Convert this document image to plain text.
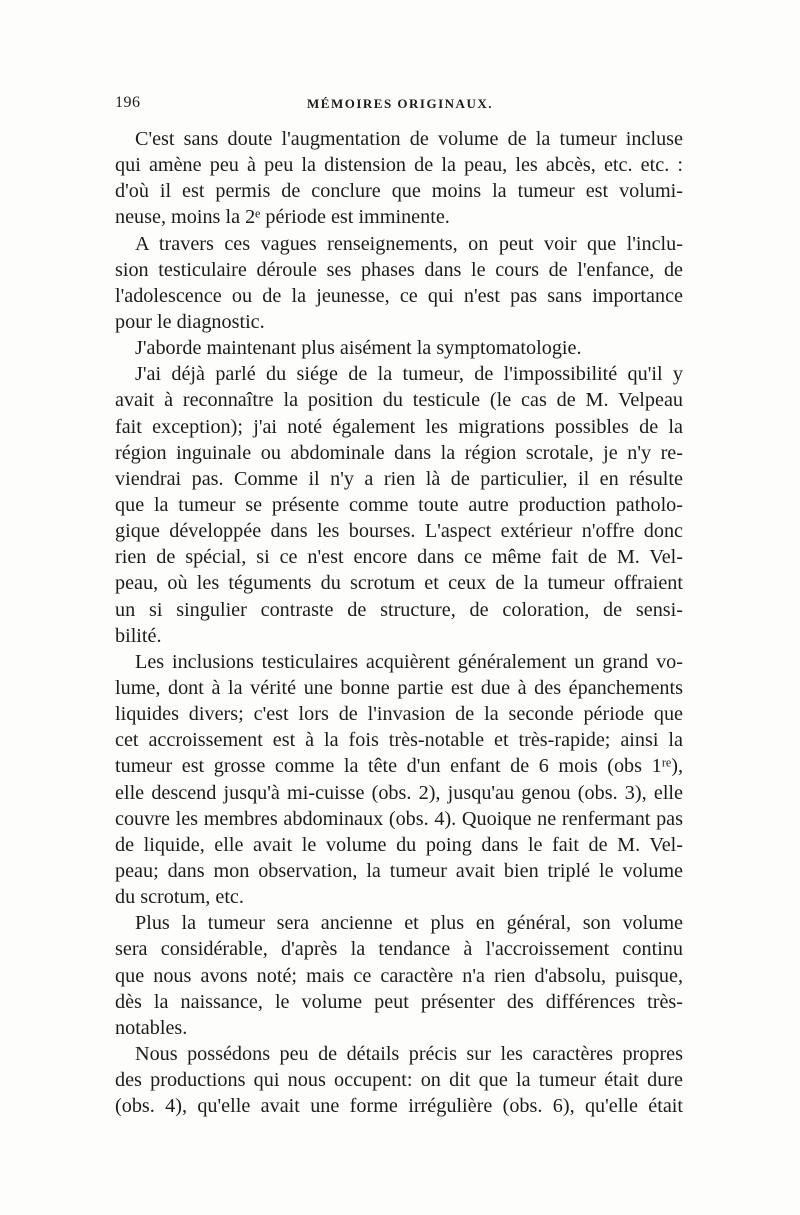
196	MÉMOIRES ORIGINAUX.
C'est sans doute l'augmentation de volume de la tumeur incluse
qui amène peu à peu la distension de la peau, les abcès, etc. etc. :
d'où il est permis de conclure que moins la tumeur est volumi-
neuse, moins la 2ᵉ période est imminente.
A travers ces vagues renseignements, on peut voir que l'inclu-
sion testiculaire déroule ses phases dans le cours de l'enfance, de
l'adolescence ou de la jeunesse, ce qui n'est pas sans importance
pour le diagnostic.
J'aborde maintenant plus aisément la symptomatologie.
J'ai déjà parlé du siége de la tumeur, de l'impossibilité qu'il y
avait à reconnaître la position du testicule (le cas de M. Velpeau
fait exception); j'ai noté également les migrations possibles de la
région inguinale ou abdominale dans la région scrotale, je n'y re-
viendrai pas. Comme il n'y a rien là de particulier, il en résulte
que la tumeur se présente comme toute autre production patholo-
gique développée dans les bourses. L'aspect extérieur n'offre donc
rien de spécial, si ce n'est encore dans ce même fait de M. Vel-
peau, où les téguments du scrotum et ceux de la tumeur offraient
un si singulier contraste de structure, de coloration, de sensi-
bilité.
Les inclusions testiculaires acquièrent généralement un grand vo-
lume, dont à la vérité une bonne partie est due à des épanchements
liquides divers; c'est lors de l'invasion de la seconde période que
cet accroissement est à la fois très-notable et très-rapide; ainsi la
tumeur est grosse comme la tête d'un enfant de 6 mois (obs 1ʳᵉ),
elle descend jusqu'à mi-cuisse (obs. 2), jusqu'au genou (obs. 3), elle
couvre les membres abdominaux (obs. 4). Quoique ne renfermant pas
de liquide, elle avait le volume du poing dans le fait de M. Vel-
peau; dans mon observation, la tumeur avait bien triplé le volume
du scrotum, etc.
Plus la tumeur sera ancienne et plus en général, son volume
sera considérable, d'après la tendance à l'accroissement continu
que nous avons noté; mais ce caractère n'a rien d'absolu, puisque,
dès la naissance, le volume peut présenter des différences très-
notables.
Nous possédons peu de détails précis sur les caractères propres
des productions qui nous occupent: on dit que la tumeur était dure
(obs. 4), qu'elle avait une forme irrégulière (obs. 6), qu'elle était
